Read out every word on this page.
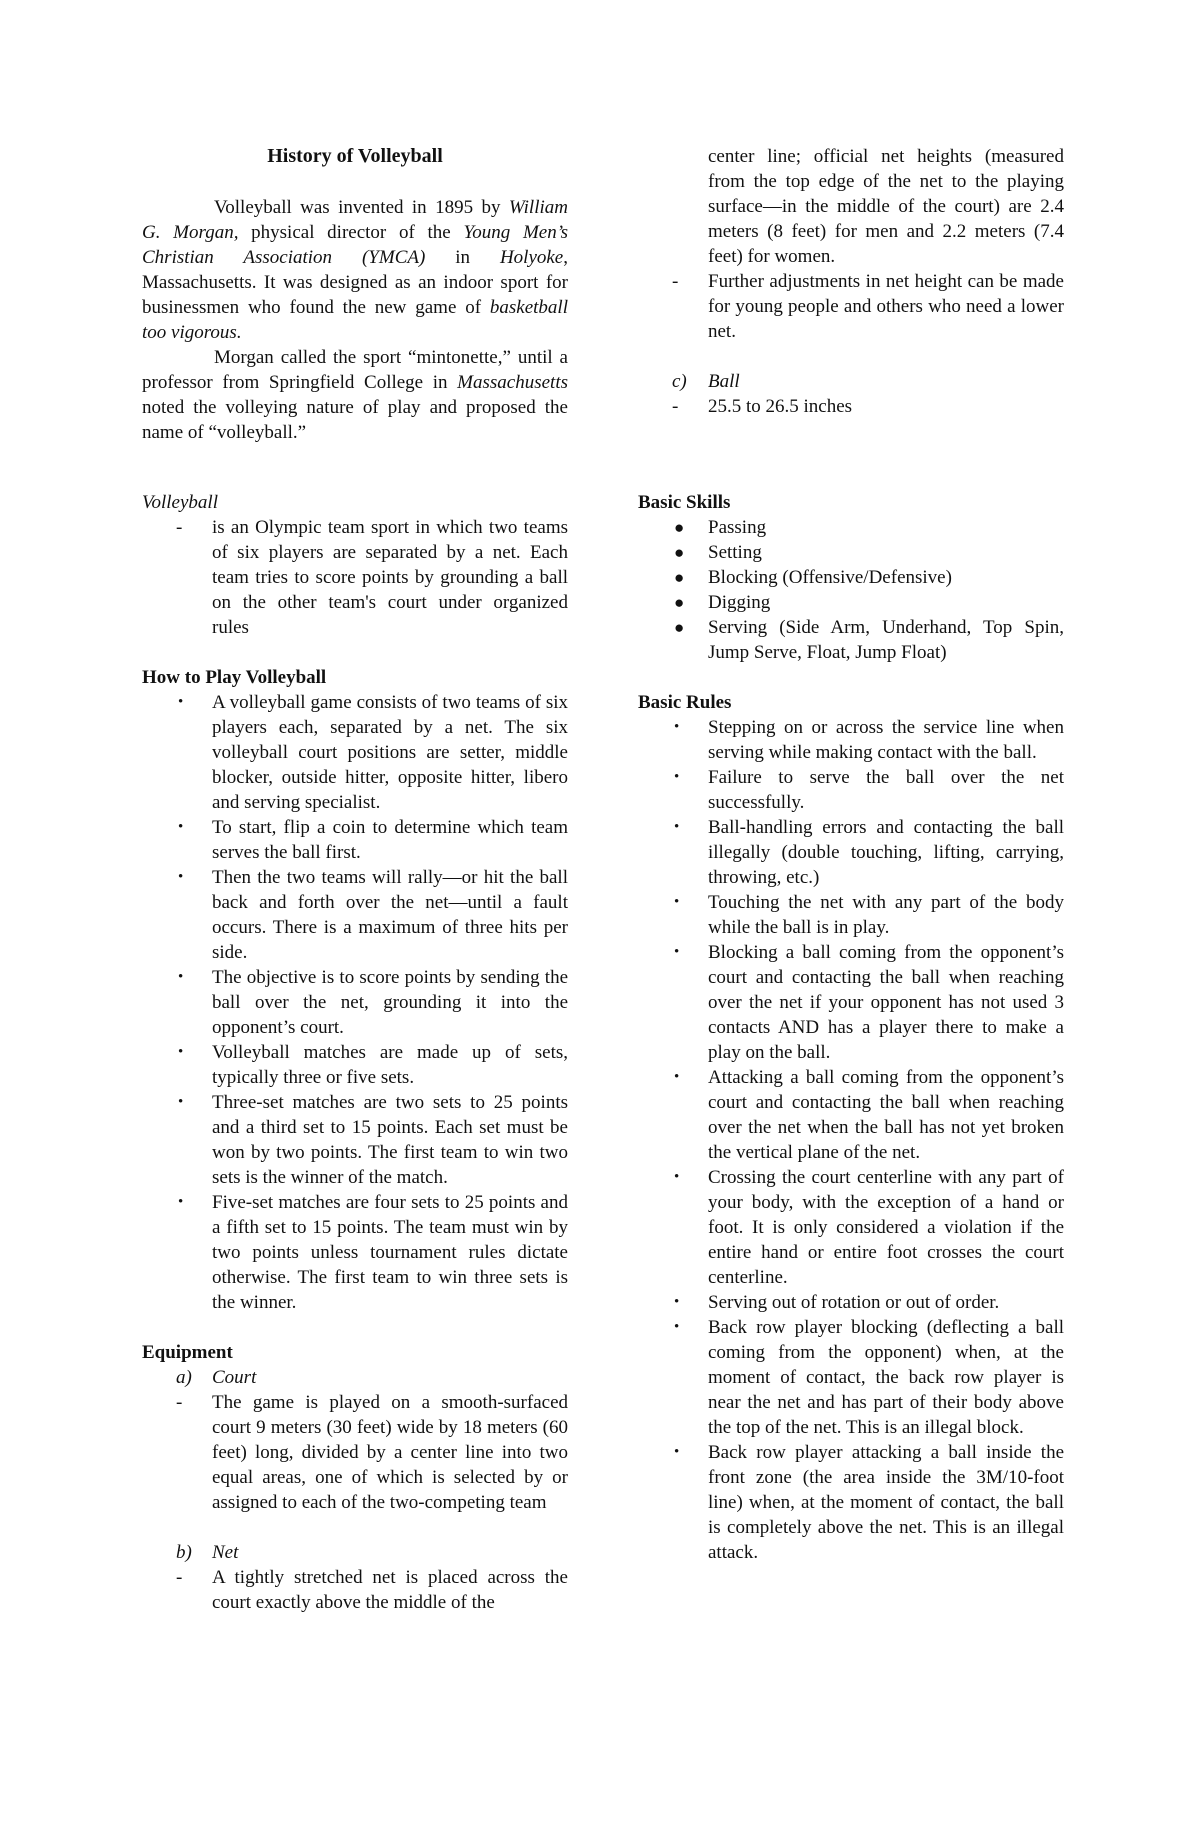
History of Volleyball

Volleyball was invented in 1895 by William G. Morgan, physical director of the Young Men’s Christian Association (YMCA) in Holyoke, Massachusetts. It was designed as an indoor sport for businessmen who found the new game of basketball too vigorous.

Morgan called the sport “mintonette,” until a professor from Springfield College in Massachusetts noted the volleying nature of play and proposed the name of “volleyball.”

center line; official net heights (measured from the top edge of the net to the playing surface—in the middle of the court) are 2.4 meters (8 feet) for men and 2.2 meters (7.4 feet) for women.
-	Further adjustments in net height can be made for young people and others who need a lower net.
c) Ball
-	25.5 to 26.5 inches
Volleyball
-	is an Olympic team sport in which two teams of six players are separated by a net. Each team tries to score points by grounding a ball on the other team's court under organized rules
How to Play Volleyball
•	A volleyball game consists of two teams of six players each, separated by a net. The six volleyball court positions are setter, middle blocker, outside hitter, opposite hitter, libero and serving specialist.
•	To start, flip a coin to determine which team serves the ball first.
•	Then the two teams will rally—or hit the ball back and forth over the net—until a fault occurs. There is a maximum of three hits per side.
•	The objective is to score points by sending the ball over the net, grounding it into the opponent’s court.
•	Volleyball matches are made up of sets, typically three or five sets.
•	Three-set matches are two sets to 25 points and a third set to 15 points. Each set must be won by two points. The first team to win two sets is the winner of the match.
•	Five-set matches are four sets to 25 points and a fifth set to 15 points. The team must win by two points unless tournament rules dictate otherwise. The first team to win three sets is the winner.
Equipment
a) Court
-	The game is played on a smooth-surfaced court 9 meters (30 feet) wide by 18 meters (60 feet) long, divided by a center line into two equal areas, one of which is selected by or assigned to each of the two-competing team
b) Net
-	A tightly stretched net is placed across the court exactly above the middle of the
Basic Skills
●	Passing
●	Setting
●	Blocking (Offensive/Defensive)
●	Digging
●	Serving (Side Arm, Underhand, Top Spin, Jump Serve, Float, Jump Float)
Basic Rules
•	Stepping on or across the service line when serving while making contact with the ball.
•	Failure to serve the ball over the net successfully.
•	Ball-handling errors and contacting the ball illegally (double touching, lifting, carrying, throwing, etc.)
•	Touching the net with any part of the body while the ball is in play.
•	Blocking a ball coming from the opponent’s court and contacting the ball when reaching over the net if your opponent has not used 3 contacts AND has a player there to make a play on the ball.
•	Attacking a ball coming from the opponent’s court and contacting the ball when reaching over the net when the ball has not yet broken the vertical plane of the net.
•	Crossing the court centerline with any part of your body, with the exception of a hand or foot. It is only considered a violation if the entire hand or entire foot crosses the court centerline.
•	Serving out of rotation or out of order.
•	Back row player blocking (deflecting a ball coming from the opponent) when, at the moment of contact, the back row player is near the net and has part of their body above the top of the net. This is an illegal block.
•	Back row player attacking a ball inside the front zone (the area inside the 3M/10-foot line) when, at the moment of contact, the ball is completely above the net. This is an illegal attack.
